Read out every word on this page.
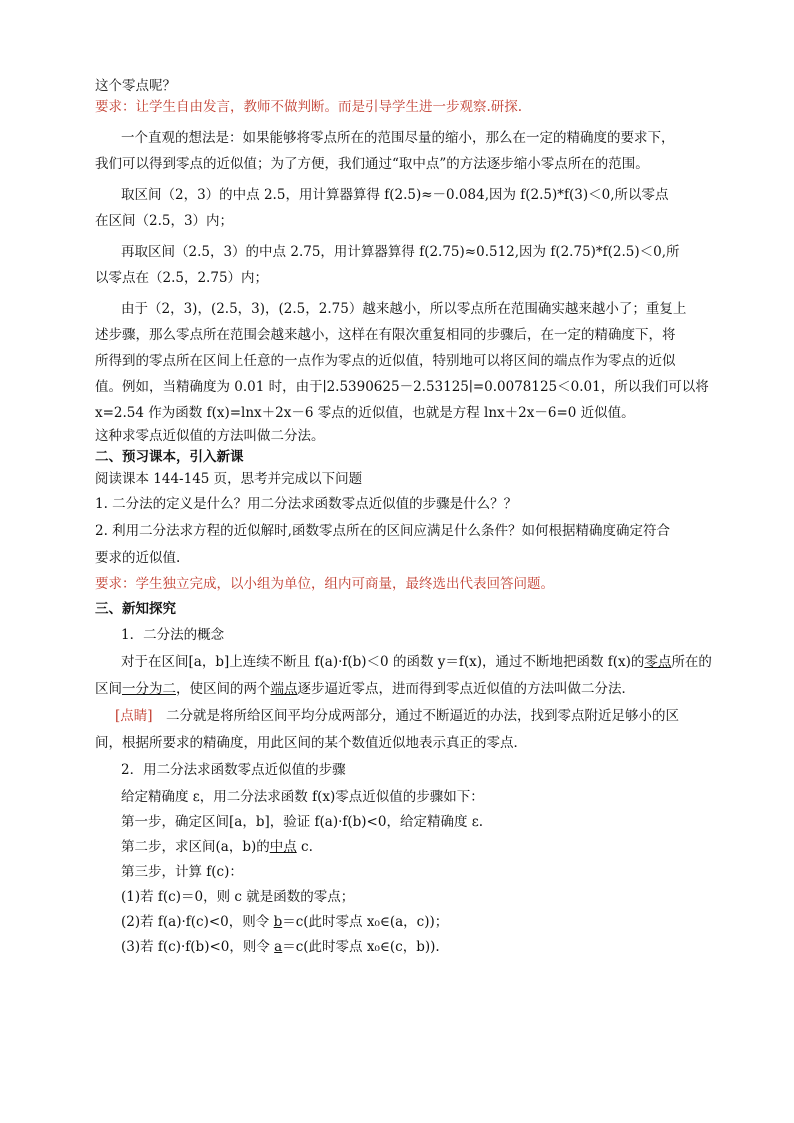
这个零点呢？
要求：让学生自由发言，教师不做判断。而是引导学生进一步观察.研探.
一个直观的想法是：如果能够将零点所在的范围尽量的缩小，那么在一定的精确度的要求下，
我们可以得到零点的近似值；为了方便，我们通过“取中点”的方法逐步缩小零点所在的范围。
取区间（2，3）的中点 2.5，用计算器算得 f(2.5)≈－0.084,因为 f(2.5)*f(3)＜0,所以零点
在区间（2.5，3）内；
再取区间（2.5，3）的中点 2.75，用计算器算得 f(2.75)≈0.512,因为 f(2.75)*f(2.5)＜0,所
以零点在（2.5，2.75）内；
由于（2，3)，(2.5，3)，(2.5，2.75）越来越小，所以零点所在范围确实越来越小了；重复上
述步骤，那么零点所在范围会越来越小，这样在有限次重复相同的步骤后，在一定的精确度下，将
所得到的零点所在区间上任意的一点作为零点的近似值，特别地可以将区间的端点作为零点的近似
值。例如，当精确度为 0.01 时，由于∣2.5390625－2.53125∣=0.0078125＜0.01，所以我们可以将
x=2.54 作为函数 f(x)=lnx＋2x－6 零点的近似值，也就是方程 lnx＋2x－6=0 近似值。
这种求零点近似值的方法叫做二分法。
二、预习课本，引入新课
阅读课本 144-145 页，思考并完成以下问题
1. 二分法的定义是什么？用二分法求函数零点近似值的步骤是什么？？
2. 利用二分法求方程的近似解时,函数零点所在的区间应满足什么条件？如何根据精确度确定符合
要求的近似值.
要求：学生独立完成，以小组为单位，组内可商量，最终选出代表回答问题。
三、新知探究
1．二分法的概念
对于在区间[a，b]上连续不断且 f(a)·f(b)＜0 的函数 y＝f(x)，通过不断地把函数 f(x)的零点所在的
区间一分为二，使区间的两个端点逐步逼近零点，进而得到零点近似值的方法叫做二分法．
[点睛]　二分就是将所给区间平均分成两部分，通过不断逼近的办法，找到零点附近足够小的区
间，根据所要求的精确度，用此区间的某个数值近似地表示真正的零点．
2．用二分法求函数零点近似值的步骤
给定精确度 ε，用二分法求函数 f(x)零点近似值的步骤如下：
第一步，确定区间[a，b]，验证 f(a)·f(b)<0，给定精确度 ε.
第二步，求区间(a，b)的中点 c.
第三步，计算 f(c)：
(1)若 f(c)＝0，则 c 就是函数的零点；
(2)若 f(a)·f(c)<0，则令 b＝c(此时零点 x₀∈(a，c))；
(3)若 f(c)·f(b)<0，则令 a＝c(此时零点 x₀∈(c，b)).
